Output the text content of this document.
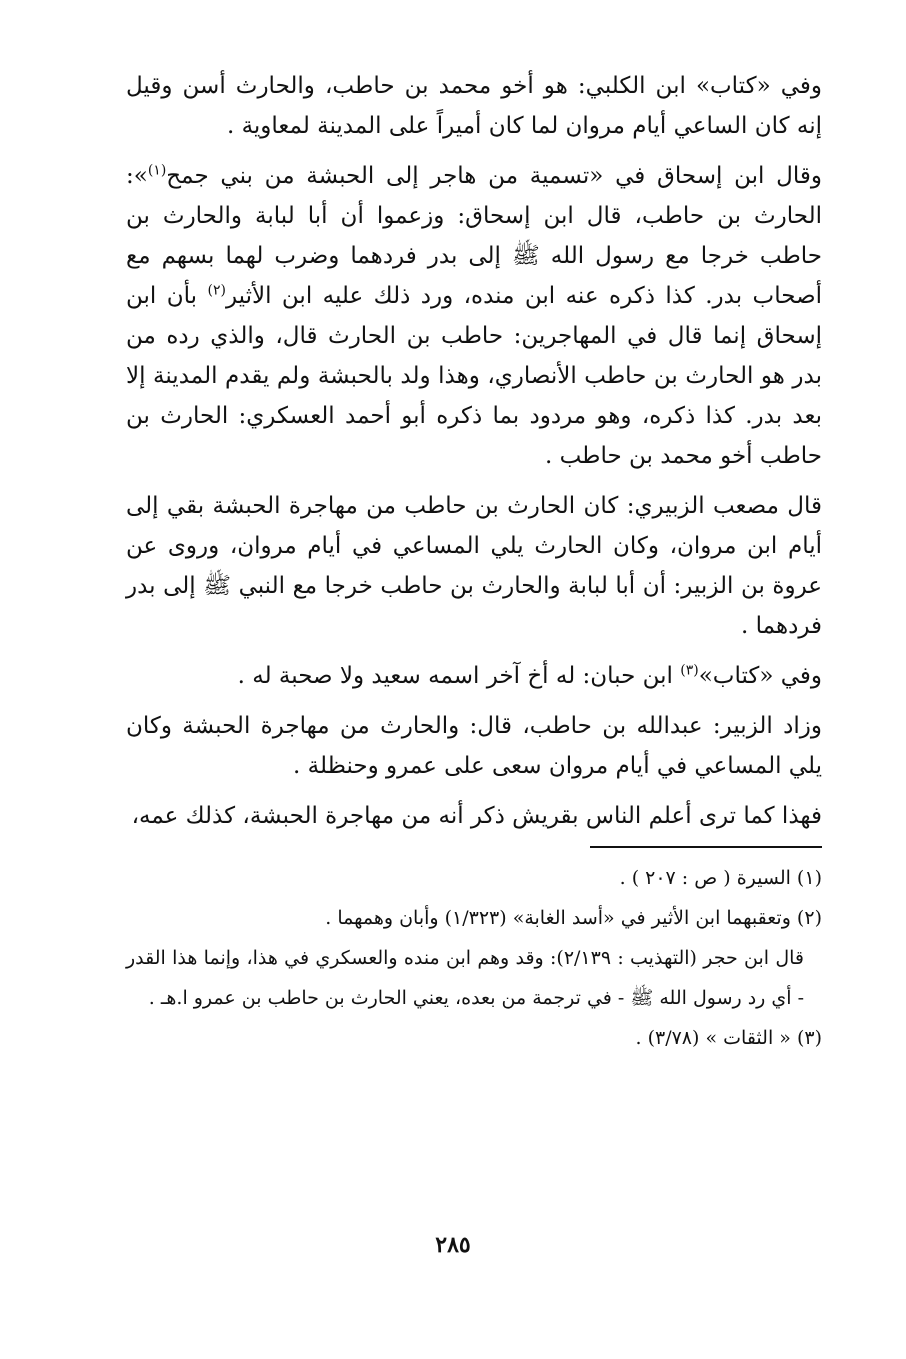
وفي «كتاب» ابن الكلبي: هو أخو محمد بن حاطب، والحارث أسن وقيل إنه كان الساعي أيام مروان لما كان أميراً على المدينة لمعاوية .

وقال ابن إسحاق في «تسمية من هاجر إلى الحبشة من بني جمح$^{(١)}$»: الحارث بن حاطب، قال ابن إسحاق: وزعموا أن أبا لبابة والحارث بن حاطب خرجا مع رسول الله ﷺ إلى بدر فردهما وضرب لهما بسهم مع أصحاب بدر. كذا ذكره عنه ابن منده، ورد ذلك عليه ابن الأثير$^{(٢)}$ بأن ابن إسحاق إنما قال في المهاجرين: حاطب بن الحارث قال، والذي رده من بدر هو الحارث بن حاطب الأنصاري، وهذا ولد بالحبشة ولم يقدم المدينة إلا بعد بدر. كذا ذكره، وهو مردود بما ذكره أبو أحمد العسكري: الحارث بن حاطب أخو محمد بن حاطب .

قال مصعب الزبيري: كان الحارث بن حاطب من مهاجرة الحبشة بقي إلى أيام ابن مروان، وكان الحارث يلي المساعي في أيام مروان، وروى عن عروة بن الزبير: أن أبا لبابة والحارث بن حاطب خرجا مع النبي ﷺ إلى بدر فردهما .

وفي «كتاب»$^{(٣)}$ ابن حبان: له أخ آخر اسمه سعيد ولا صحبة له .

وزاد الزبير: عبدالله بن حاطب، قال: والحارث من مهاجرة الحبشة وكان يلي المساعي في أيام مروان سعى على عمرو وحنظلة .

فهذا كما ترى أعلم الناس بقريش ذكر أنه من مهاجرة الحبشة، كذلك عمه،

(١) السيرة ( ص : ٢٠٧ ) .

(٢) وتعقبهما ابن الأثير في «أسد الغابة» (١/٣٢٣) وأبان وهمهما .

قال ابن حجر (التهذيب : ٢/١٣٩): وقد وهم ابن منده والعسكري في هذا، وإنما هذا القدر - أي رد رسول الله ﷺ - في ترجمة من بعده، يعني الحارث بن حاطب بن عمرو ا.هـ .

(٣) « الثقات » (٣/٧٨) .

٢٨٥
